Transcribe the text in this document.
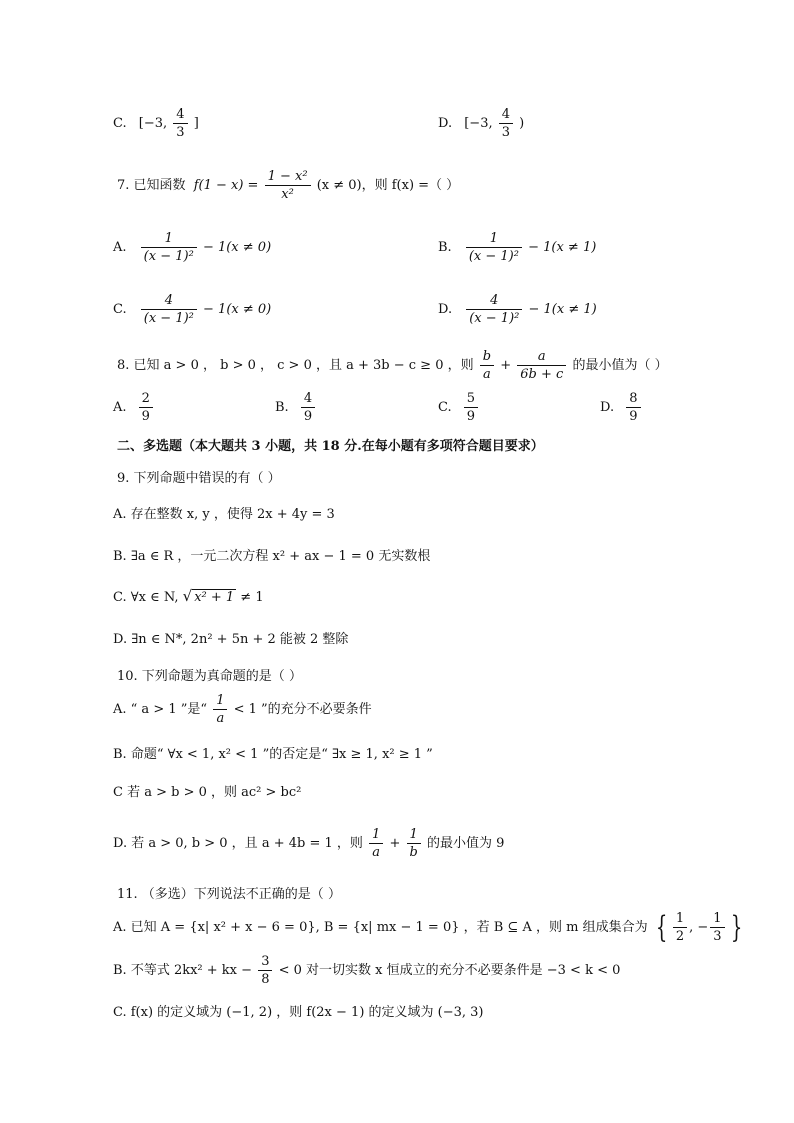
C. [−3, $\frac{4}{3}$ ]	D. [−3, $\frac{4}{3}$ )
7. 已知函数 $f(1 - x) = \frac{\text{1 − x²}}{\text{x²}} (x \ne 0)$，则 f(x) =（ ）
A. $\frac{1}{\text{(x − 1)²}} - 1(x \ne 0)$	B. $\frac{1}{\text{(x − 1)²}} - 1(x \ne 1)$
C. $\frac{4}{\text{(x − 1)²}} - 1(x \ne 0)$	D. $\frac{4}{\text{(x − 1)²}} - 1(x \ne 1)$
8. 已知 a > 0 ， b > 0 ， c > 0 ，且 a + 3b − c ≥ 0 ，则 $\frac{b}{a} + \frac{a}{6b + c}$ 的最小值为（ ）
A. $\frac{2}{9}$	B. $\frac{4}{9}$	C. $\frac{5}{9}$	D. $\frac{8}{9}$
二、多选题（本大题共 3 小题，共 18 分.在每小题有多项符合题目要求）
9. 下列命题中错误的有（ ）
A. 存在整数 x, y ，使得 2x + 4y = 3
B. ∃a ∈ R ，一元二次方程 x² + ax − 1 = 0 无实数根
C. ∀x ∈ N, √ x² + 1 ≠ 1
D. ∃n ∈ N*, 2n² + 5n + 2 能被 2 整除
10. 下列命题为真命题的是（ ）
A. “ a > 1 ”是“ $\frac{1}{a} < 1$ ”的充分不必要条件
B. 命题“ ∀x < 1, x² < 1 ”的否定是“ ∃x ≥ 1, x² ≥ 1 ”
C 若 a > b > 0 ，则 ac² > bc²
D. 若 a > 0, b > 0 ，且 a + 4b = 1 ，则 $\frac{1}{a} + \frac{1}{b}$ 的最小值为 9
11. （多选）下列说法不正确的是（ ）
A. 已知 A = {x| x² + x − 6 = 0}, B = {x| mx − 1 = 0} ，若 B ⊆ A ，则 m 组成集合为 { $\frac{1}{2}$ , − $\frac{1}{3}$ }
B. 不等式 2kx² + kx − $\frac{3}{8} < 0$ 对一切实数 x 恒成立的充分不必要条件是 −3 < k < 0
C. f(x) 的定义域为 (−1, 2) ，则 f(2x − 1) 的定义域为 (−3, 3)
